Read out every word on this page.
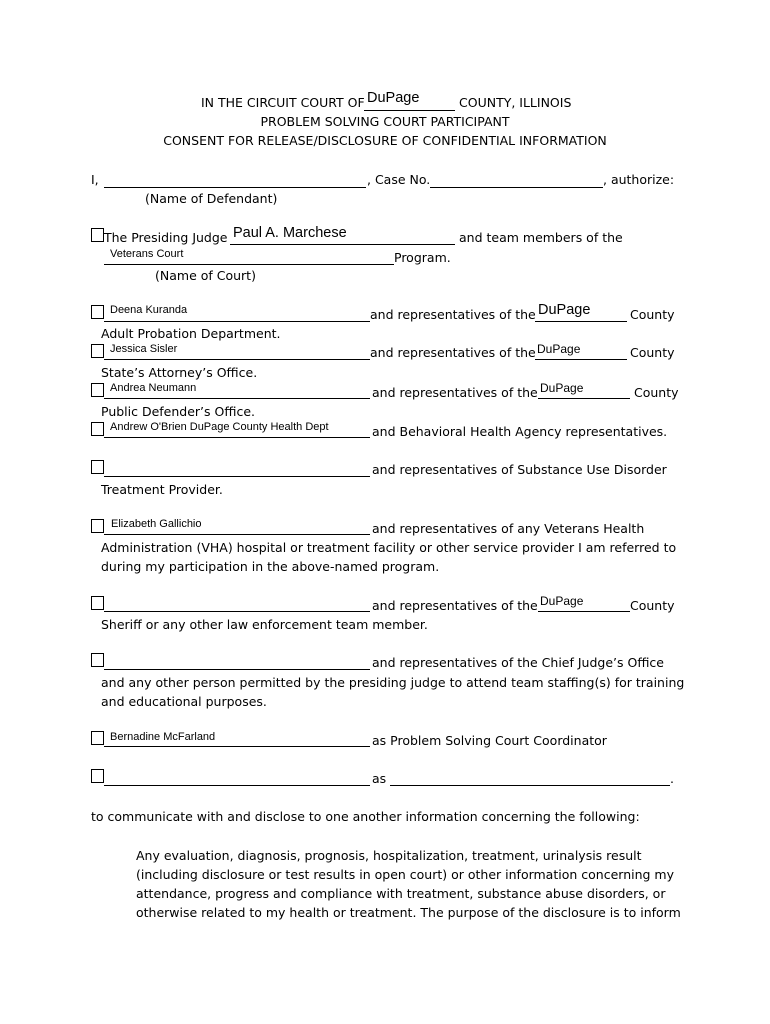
IN THE CIRCUIT COURT OF DuPage	COUNTY, ILLINOIS
PROBLEM SOLVING COURT PARTICIPANT
CONSENT FOR RELEASE/DISCLOSURE OF CONFIDENTIAL INFORMATION
I,	, Case No.	, authorize:
(Name of Defendant)
The Presiding Judge Paul A. Marchese	and team members of the
Veterans Court	Program.
(Name of Court)
Deena Kuranda	and representatives of the DuPage	County
Adult Probation Department.
Jessica Sisler	and representatives of the DuPage	County
State’s Attorney’s Office.
Andrea Neumann	and representatives of the DuPage	County
Public Defender’s Office.
Andrew O'Brien DuPage County Health Dept	and Behavioral Health Agency representatives.
and representatives of Substance Use Disorder
Treatment Provider.
Elizabeth Gallichio	and representatives of any Veterans Health
Administration (VHA) hospital or treatment facility or other service provider I am referred to
during my participation in the above-named program.
and representatives of the DuPage	County
Sheriff or any other law enforcement team member.
and representatives of the Chief Judge’s Office
and any other person permitted by the presiding judge to attend team staffing(s) for training
and educational purposes.
Bernadine McFarland	as Problem Solving Court Coordinator
as	.
to communicate with and disclose to one another information concerning the following:
Any evaluation, diagnosis, prognosis, hospitalization, treatment, urinalysis result
(including disclosure or test results in open court) or other information concerning my
attendance, progress and compliance with treatment, substance abuse disorders, or
otherwise related to my health or treatment. The purpose of the disclosure is to inform
